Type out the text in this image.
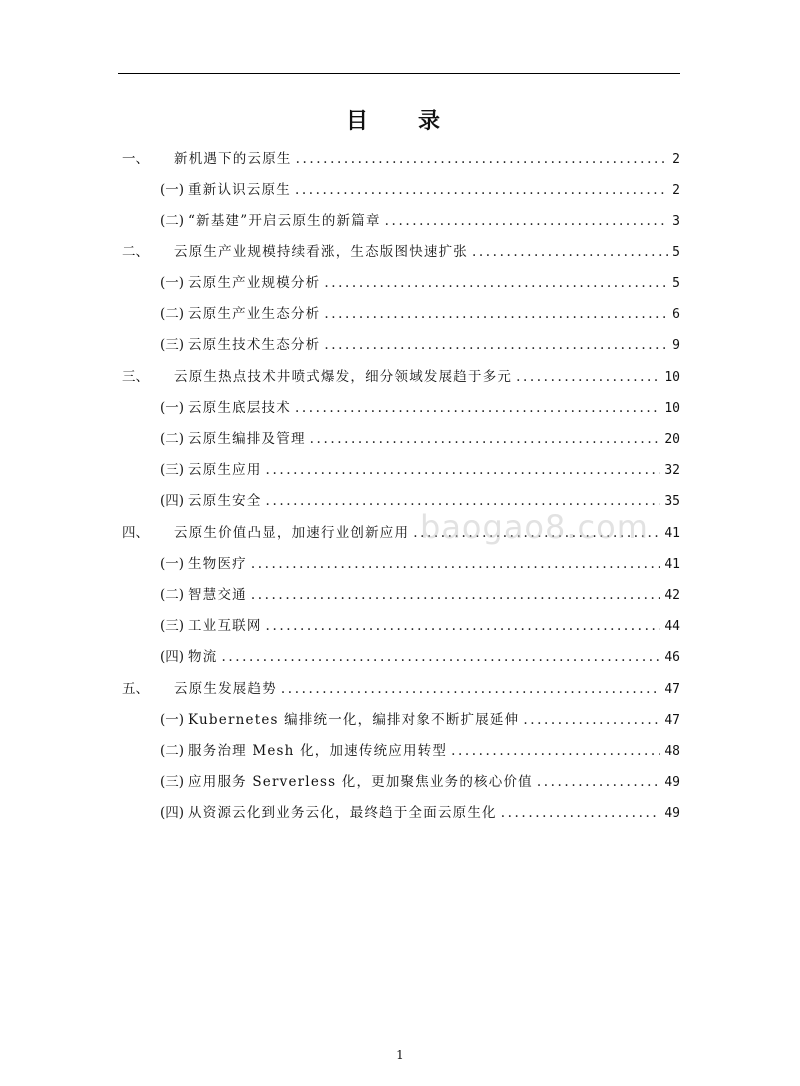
目　录
一、	新机遇下的云原生 .....	2
(一) 重新认识云原生 .....	2
(二) “新基建”开启云原生的新篇章 .....	3
二、	云原生产业规模持续看涨，生态版图快速扩张 .....	5
(一) 云原生产业规模分析 .....	5
(二) 云原生产业生态分析 .....	6
(三) 云原生技术生态分析 .....	9
三、	云原生热点技术井喷式爆发，细分领域发展趋于多元 .....	10
(一) 云原生底层技术 .....	10
(二) 云原生编排及管理 .....	20
(三) 云原生应用 .....	32
(四) 云原生安全 .....	35
四、	云原生价值凸显，加速行业创新应用 .....	41
(一) 生物医疗 .....	41
(二) 智慧交通 .....	42
(三) 工业互联网 .....	44
(四) 物流 .....	46
五、	云原生发展趋势 .....	47
(一) Kubernetes 编排统一化，编排对象不断扩展延伸 .....	47
(二) 服务治理 Mesh 化，加速传统应用转型 .....	48
(三) 应用服务 Serverless 化，更加聚焦业务的核心价值 .....	49
(四) 从资源云化到业务云化，最终趋于全面云原生化 .....	49
baogao8.com
1
